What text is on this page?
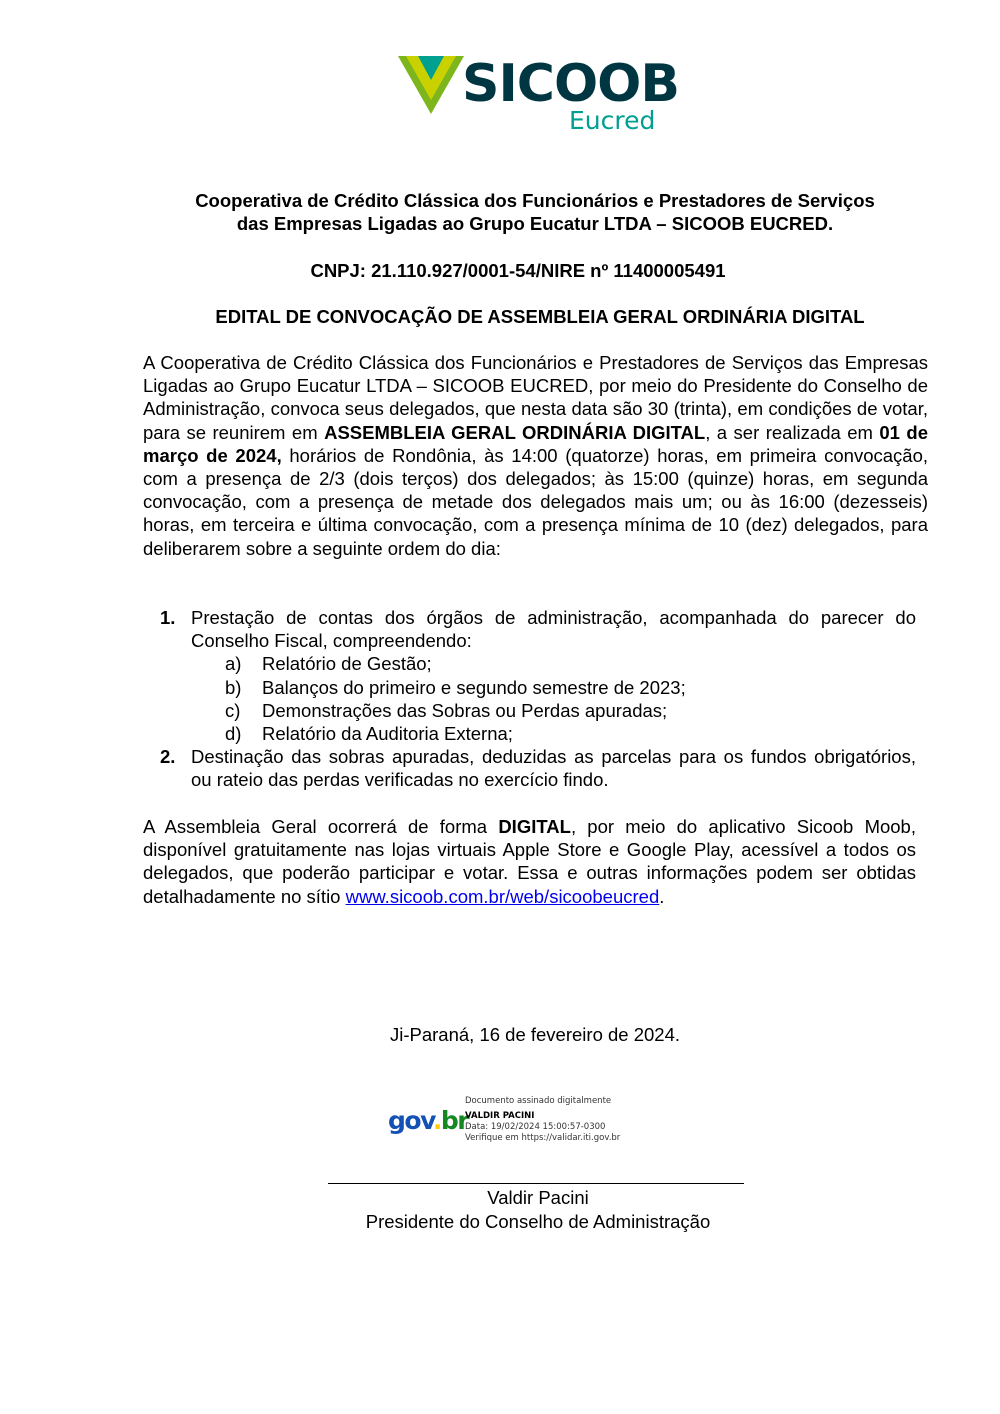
SICOOB
Eucred
Cooperativa de Crédito Clássica dos Funcionários e Prestadores de Serviços
das Empresas Ligadas ao Grupo Eucatur LTDA – SICOOB EUCRED.
CNPJ: 21.110.927/0001-54/NIRE nº 11400005491
EDITAL DE CONVOCAÇÃO DE ASSEMBLEIA GERAL ORDINÁRIA DIGITAL
A Cooperativa de Crédito Clássica dos Funcionários e Prestadores de Serviços das Empresas Ligadas ao Grupo Eucatur LTDA – SICOOB EUCRED, por meio do Presidente do Conselho de Administração, convoca seus delegados, que nesta data são 30 (trinta), em condições de votar, para se reunirem em ASSEMBLEIA GERAL ORDINÁRIA DIGITAL, a ser realizada em 01 de março de 2024, horários de Rondônia, às 14:00 (quatorze) horas, em primeira convocação, com a presença de 2/3 (dois terços) dos delegados; às 15:00 (quinze) horas, em segunda convocação, com a presença de metade dos delegados mais um; ou às 16:00 (dezesseis) horas, em terceira e última convocação, com a presença mínima de 10 (dez) delegados, para deliberarem sobre a seguinte ordem do dia:
1. Prestação de contas dos órgãos de administração, acompanhada do parecer do Conselho Fiscal, compreendendo:
a) Relatório de Gestão;
b) Balanços do primeiro e segundo semestre de 2023;
c) Demonstrações das Sobras ou Perdas apuradas;
d) Relatório da Auditoria Externa;
2. Destinação das sobras apuradas, deduzidas as parcelas para os fundos obrigatórios, ou rateio das perdas verificadas no exercício findo.
A Assembleia Geral ocorrerá de forma DIGITAL, por meio do aplicativo Sicoob Moob, disponível gratuitamente nas lojas virtuais Apple Store e Google Play, acessível a todos os delegados, que poderão participar e votar. Essa e outras informações podem ser obtidas detalhadamente no sítio www.sicoob.com.br/web/sicoobeucred.
Ji-Paraná, 16 de fevereiro de 2024.
gov.br
Documento assinado digitalmente
VALDIR PACINI
Data: 19/02/2024 15:00:57-0300
Verifique em https://validar.iti.gov.br
Valdir Pacini
Presidente do Conselho de Administração
